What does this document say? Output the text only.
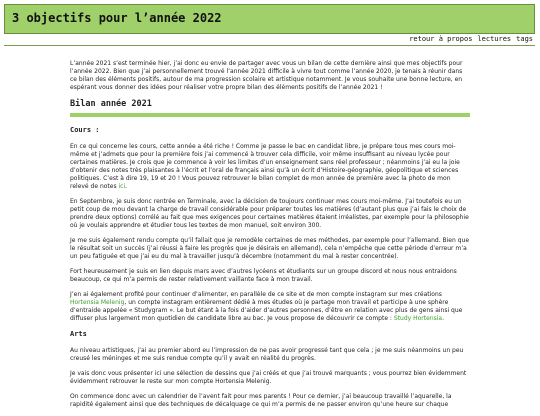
3 objectifs pour l’année 2022
retour à propos lectures tags

L’année 2021 s’est terminée hier, j’ai donc eu envie de partager avec vous un bilan de cette dernière ainsi que mes objectifs pour l’année 2022. Bien que j’ai personnellement trouvé l’année 2021 difficile à vivre tout comme l’année 2020, je tenais à réunir dans ce bilan des éléments positifs, autour de ma progression scolaire et artistique notamment. Je vous souhaite une bonne lecture, en espérant vous donner des idées pour réaliser votre propre bilan des éléments positifs de l’année 2021 !

Bilan année 2021
Cours :

En ce qui concerne les cours, cette année a été riche ! Comme je passe le bac en candidat libre, je prépare tous mes cours moi-même et j’admets que pour la première fois j’ai commencé à trouver cela difficile, voir même insuffisant au niveau lycée pour certaines matières. Je crois que je commence à voir les limites d’un enseignement sans réel professeur ; néanmoins j’ai eu la joie d’obtenir des notes très plaisantes à l’écrit et l’oral de français ainsi qu’à un écrit d’Histoire-géographie, géopolitique et sciences politiques. C’est à dire 19, 19 et 20 ! Vous pouvez retrouver le bilan complet de mon année de première avec la photo de mon relevé de notes ici.

En Septembre, je suis donc rentrée en Terminale, avec la décision de toujours continuer mes cours moi-même. J’ai toutefois eu un petit coup de mou devant la charge de travail considérable pour préparer toutes les matières (d’autant plus que j’ai fais le choix de prendre deux options) corrélé au fait que mes exigences pour certaines matières étaient irréalistes, par exemple pour la philosophie où je voulais apprendre et étudier tous les textes de mon manuel, soit environ 300.

Je me suis également rendu compte qu’il fallait que je remodèle certaines de mes méthodes, par exemple pour l’allemand. Bien que le résultat soit un succès (j’ai réussi à faire les progrès que je désirais en allemand), cela n’empêche que cette période d’erreur m’a un peu fatiguée et que j’ai eu du mal à travailler jusqu’à décembre (notamment du mal à rester concentrée).

Fort heureusement je suis en lien depuis mars avec d’autres lycéens et étudiants sur un groupe discord et nous nous entraidons beaucoup, ce qui m’a permis de rester relativement vaillante face à mon travail.

J’en ai également profité pour continuer d’alimenter, en parallèle de ce site et de mon compte instagram sur mes créations Hortensia Melenig, un compte instagram entièrement dédié à mes études où je partage mon travail et participe à une sphère d’entraide appelée « Studygram ». Le but étant à la fois d’aider d’autres personnes, d’être en relation avec plus de gens ainsi que diffuser plus largement mon quotidien de candidate libre au bac. Je vous propose de découvrir ce compte : Study Hortensia.

Arts

Au niveau artistiques, j’ai au premier abord eu l’impression de ne pas avoir progressé tant que cela ; je me suis néanmoins un peu creusé les méninges et me suis rendue compte qu’il y avait en réalité du progrès.

Je vais donc vous présenter ici une sélection de dessins que j’ai créés et que j’ai trouvé marquants ; vous pourrez bien évidemment évidemment retrouver le reste sur mon compte Hortensia Melenig.

On commence donc avec un calendrier de l’avent fait pour mes parents ! Pour ce dernier, j’ai beaucoup travaillé l’aquarelle, la rapidité également ainsi que des techniques de décalquage ce qui m’a permis de ne passer environ qu’une heure sur chaque
